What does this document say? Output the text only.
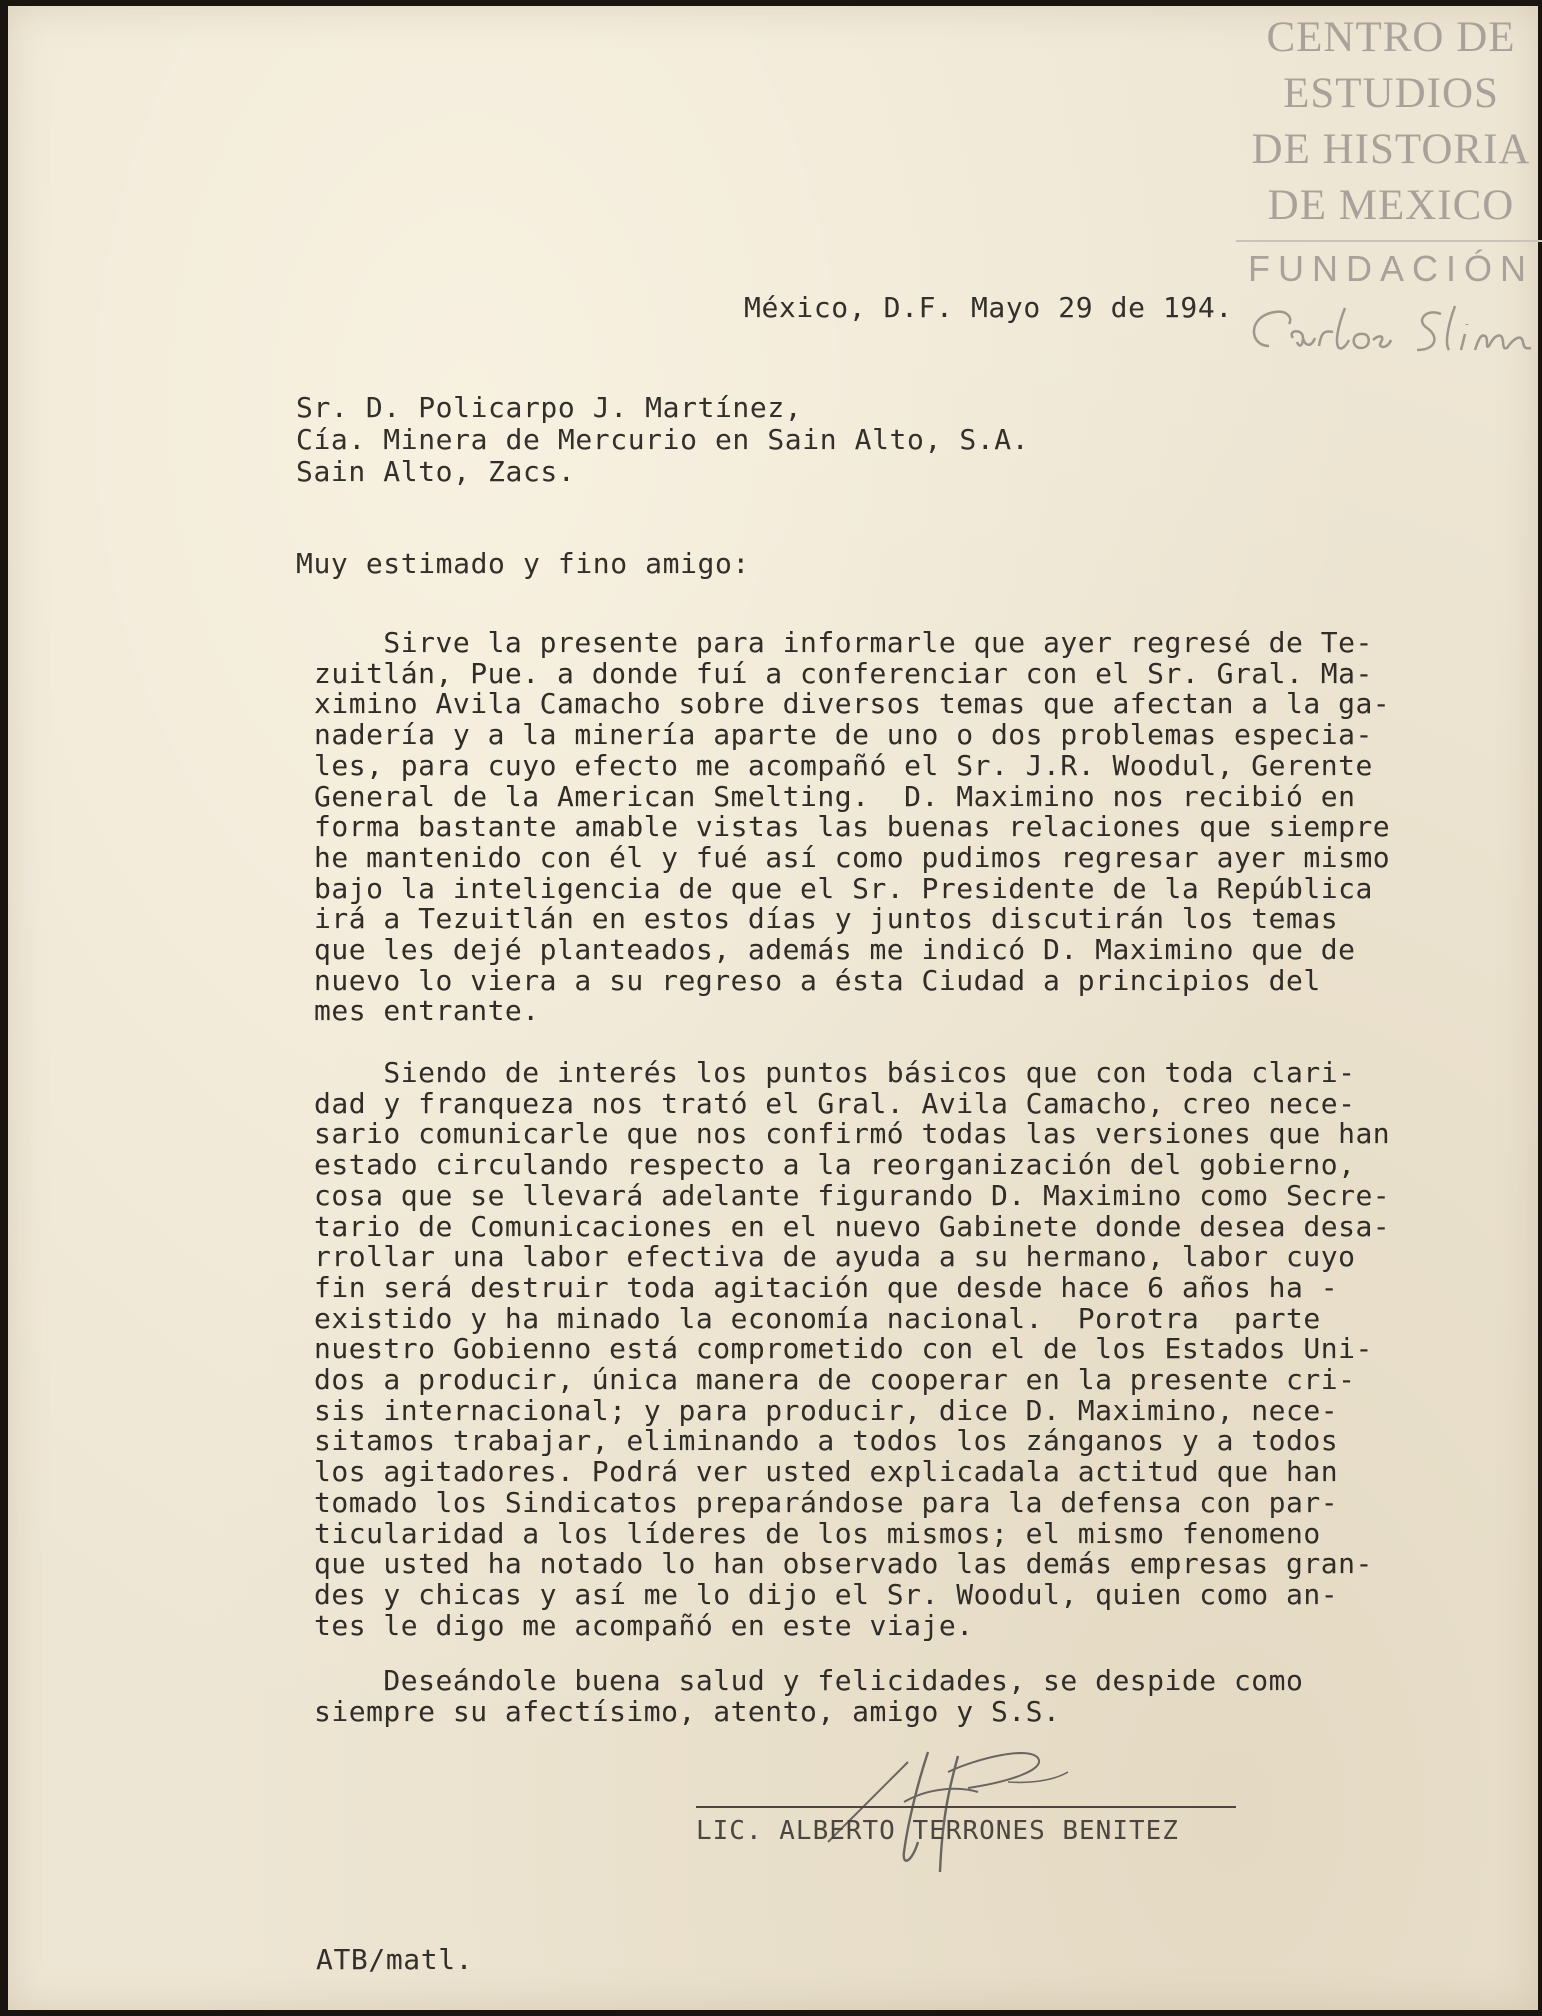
CENTRO DE
ESTUDIOS
DE HISTORIA
DE MEXICO
FUNDACIÓN
México, D.F. Mayo 29 de 194.
Sr. D. Policarpo J. Martínez,
Cía. Minera de Mercurio en Sain Alto, S.A.
Sain Alto, Zacs.
Muy estimado y fino amigo:
Sirve la presente para informarle que ayer regresé de Te-
zuitlán, Pue. a donde fuí a conferenciar con el Sr. Gral. Ma-
ximino Avila Camacho sobre diversos temas que afectan a la ga-
nadería y a la minería aparte de uno o dos problemas especia-
les, para cuyo efecto me acompañó el Sr. J.R. Woodul, Gerente
General de la American Smelting.  D. Maximino nos recibió en
forma bastante amable vistas las buenas relaciones que siempre
he mantenido con él y fué así como pudimos regresar ayer mismo
bajo la inteligencia de que el Sr. Presidente de la República
irá a Tezuitlán en estos días y juntos discutirán los temas
que les dejé planteados, además me indicó D. Maximino que de
nuevo lo viera a su regreso a ésta Ciudad a principios del
mes entrante.
Siendo de interés los puntos básicos que con toda clari-
dad y franqueza nos trató el Gral. Avila Camacho, creo nece-
sario comunicarle que nos confirmó todas las versiones que han
estado circulando respecto a la reorganización del gobierno,
cosa que se llevará adelante figurando D. Maximino como Secre-
tario de Comunicaciones en el nuevo Gabinete donde desea desa-
rrollar una labor efectiva de ayuda a su hermano, labor cuyo
fin será destruir toda agitación que desde hace 6 años ha -
existido y ha minado la economía nacional.  Porotra  parte
nuestro Gobienno está comprometido con el de los Estados Uni-
dos a producir, única manera de cooperar en la presente cri-
sis internacional; y para producir, dice D. Maximino, nece-
sitamos trabajar, eliminando a todos los zánganos y a todos
los agitadores. Podrá ver usted explicadala actitud que han
tomado los Sindicatos preparándose para la defensa con par-
ticularidad a los líderes de los mismos; el mismo fenomeno
que usted ha notado lo han observado las demás empresas gran-
des y chicas y así me lo dijo el Sr. Woodul, quien como an-
tes le digo me acompañó en este viaje.
Deseándole buena salud y felicidades, se despide como
siempre su afectísimo, atento, amigo y S.S.
LIC. ALBERTO TERRONES BENITEZ
ATB/matl.
